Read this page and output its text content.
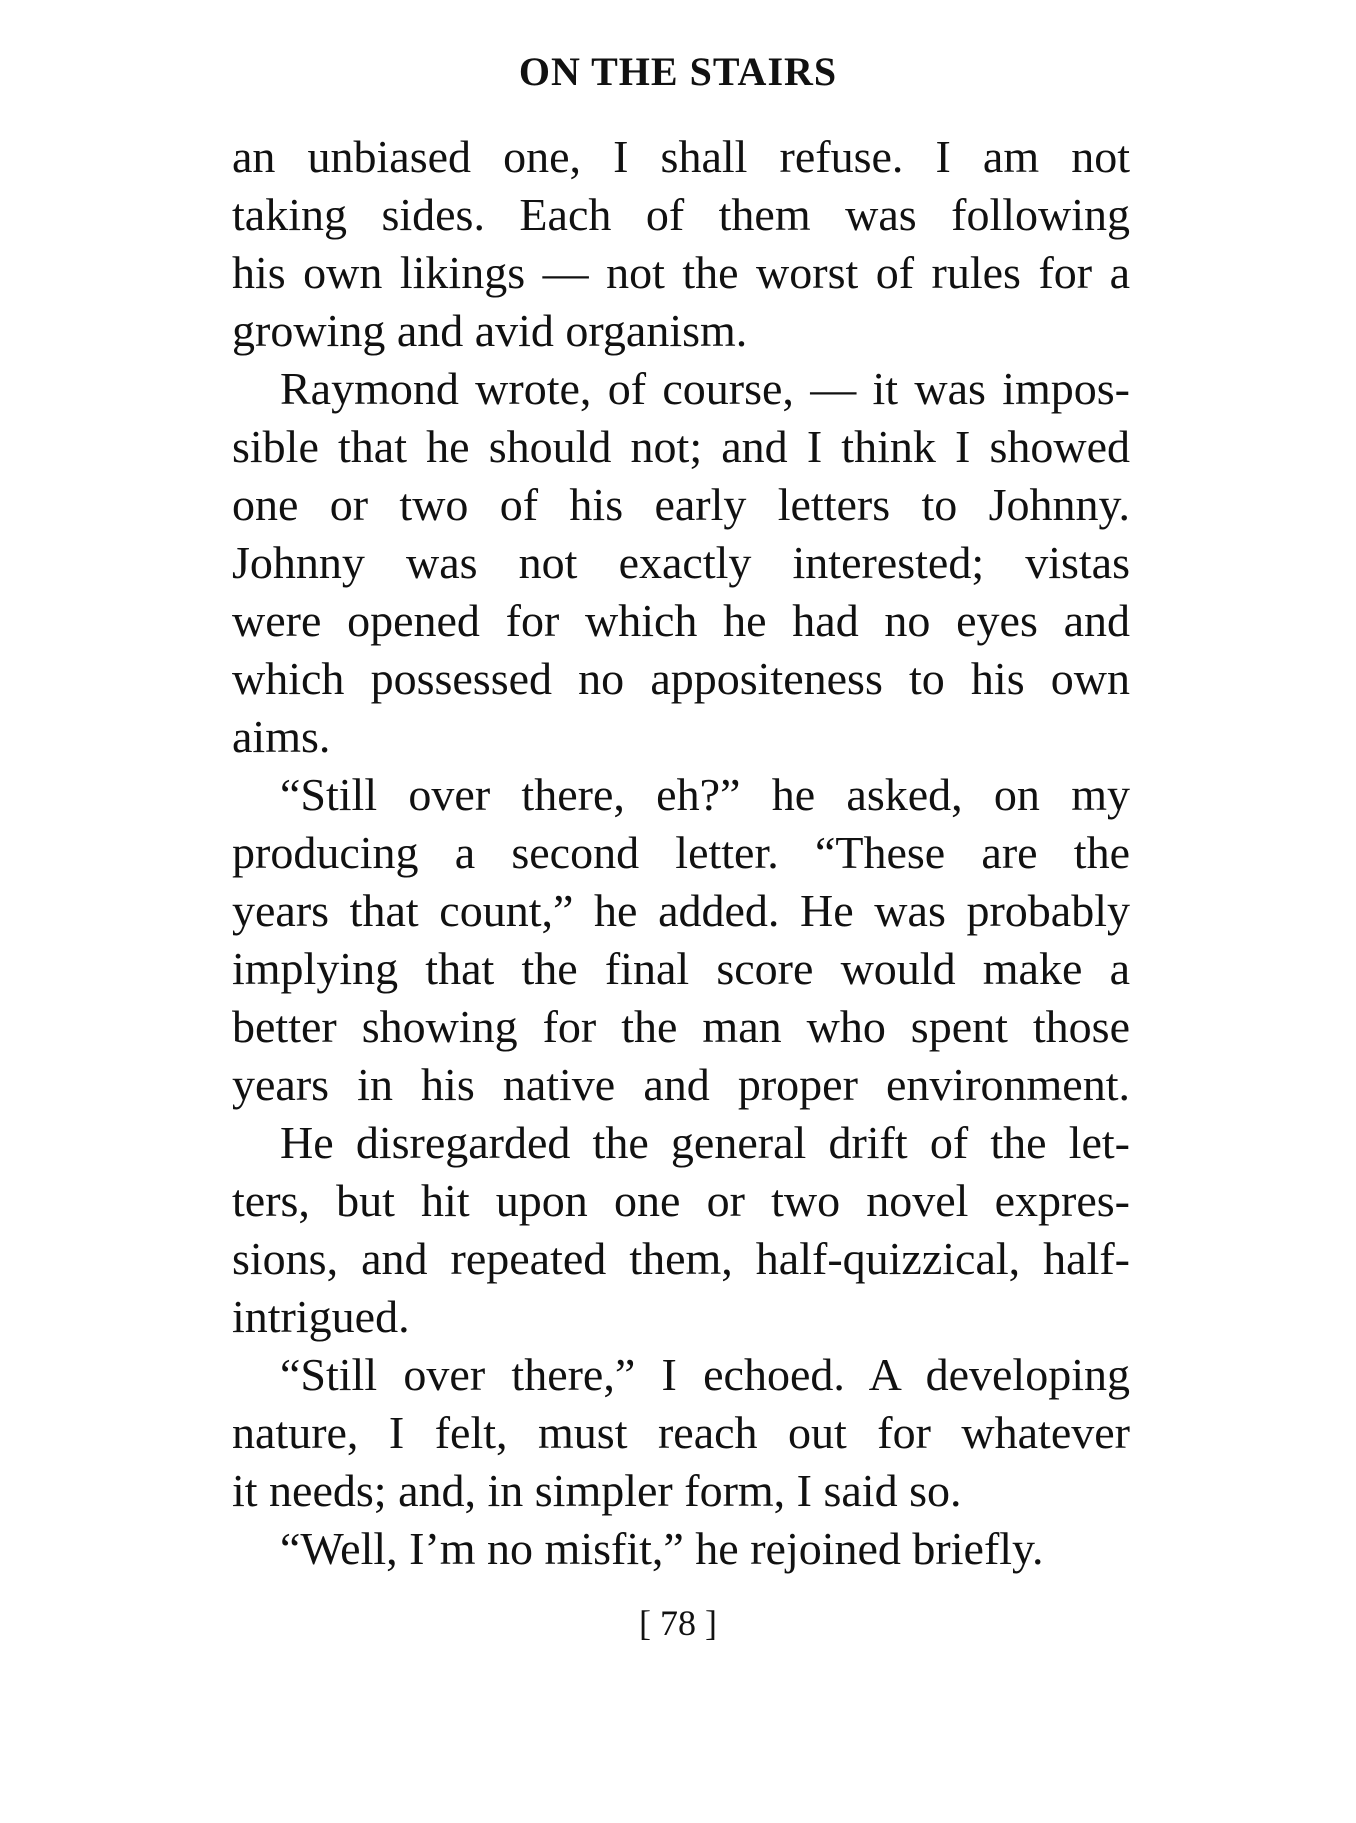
ON THE STAIRS
an unbiased one, I shall refuse. I am not
taking sides. Each of them was following
his own likings — not the worst of rules for a
growing and avid organism.
Raymond wrote, of course, — it was impos-
sible that he should not; and I think I showed
one or two of his early letters to Johnny.
Johnny was not exactly interested; vistas
were opened for which he had no eyes and
which possessed no appositeness to his own
aims.
“Still over there, eh?” he asked, on my
producing a second letter. “These are the
years that count,” he added. He was probably
implying that the final score would make a
better showing for the man who spent those
years in his native and proper environment.
He disregarded the general drift of the let-
ters, but hit upon one or two novel expres-
sions, and repeated them, half-quizzical, half-
intrigued.
“Still over there,” I echoed. A developing
nature, I felt, must reach out for whatever
it needs; and, in simpler form, I said so.
“Well, I’m no misfit,” he rejoined briefly.
[ 78 ]
